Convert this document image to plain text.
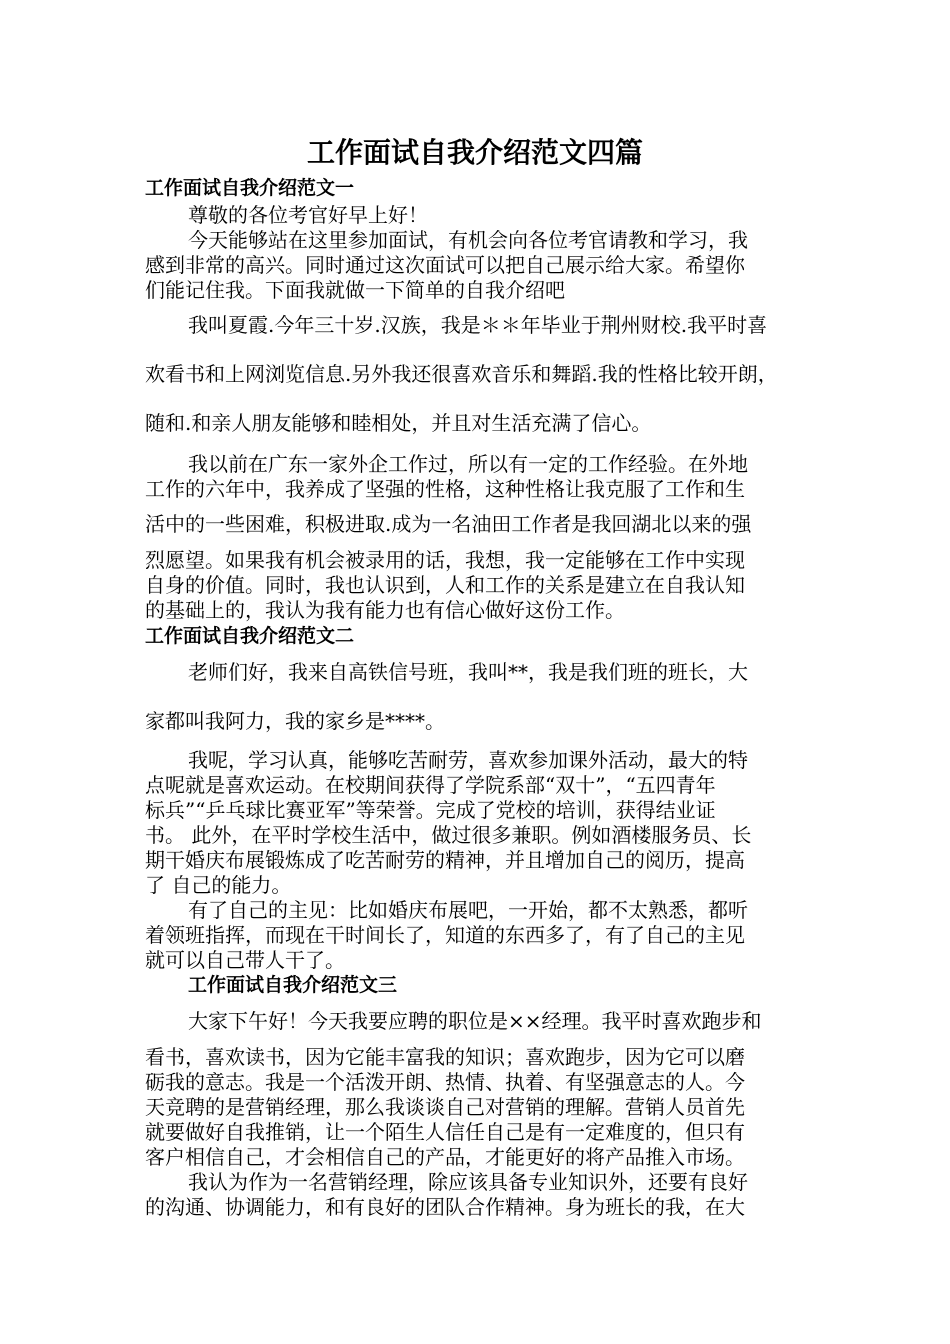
工作面试自我介绍范文四篇
工作面试自我介绍范文一
尊敬的各位考官好早上好！
今天能够站在这里参加面试，有机会向各位考官请教和学习，我
感到非常的高兴。同时通过这次面试可以把自己展示给大家。希望你
们能记住我。下面我就做一下简单的自我介绍吧
我叫夏霞.今年三十岁.汉族，我是＊＊年毕业于荆州财校.我平时喜
欢看书和上网浏览信息.另外我还很喜欢音乐和舞蹈.我的性格比较开朗，
随和.和亲人朋友能够和睦相处，并且对生活充满了信心。
我以前在广东一家外企工作过，所以有一定的工作经验。在外地
工作的六年中，我养成了坚强的性格，这种性格让我克服了工作和生
活中的一些困难，积极进取.成为一名油田工作者是我回湖北以来的强
烈愿望。如果我有机会被录用的话，我想，我一定能够在工作中实现
自身的价值。同时，我也认识到，人和工作的关系是建立在自我认知
的基础上的，我认为我有能力也有信心做好这份工作。
工作面试自我介绍范文二
老师们好，我来自高铁信号班，我叫**，我是我们班的班长，大
家都叫我阿力，我的家乡是****。
我呢，学习认真，能够吃苦耐劳，喜欢参加课外活动，最大的特
点呢就是喜欢运动。在校期间获得了学院系部“双十”，“五四青年
标兵”“乒乓球比赛亚军”等荣誉。完成了党校的培训，获得结业证
书。 此外，在平时学校生活中，做过很多兼职。例如酒楼服务员、长
期干婚庆布展锻炼成了吃苦耐劳的精神，并且增加自己的阅历，提高
了 自己的能力。
有了自己的主见：比如婚庆布展吧，一开始，都不太熟悉，都听
着领班指挥，而现在干时间长了，知道的东西多了，有了自己的主见
就可以自己带人干了。
工作面试自我介绍范文三
大家下午好！今天我要应聘的职位是××经理。我平时喜欢跑步和
看书，喜欢读书，因为它能丰富我的知识；喜欢跑步，因为它可以磨
砺我的意志。我是一个活泼开朗、热情、执着、有坚强意志的人。今
天竞聘的是营销经理，那么我谈谈自己对营销的理解。营销人员首先
就要做好自我推销，让一个陌生人信任自己是有一定难度的，但只有
客户相信自己，才会相信自己的产品，才能更好的将产品推入市场。
我认为作为一名营销经理，除应该具备专业知识外，还要有良好
的沟通、协调能力，和有良好的团队合作精神。身为班长的我，在大
